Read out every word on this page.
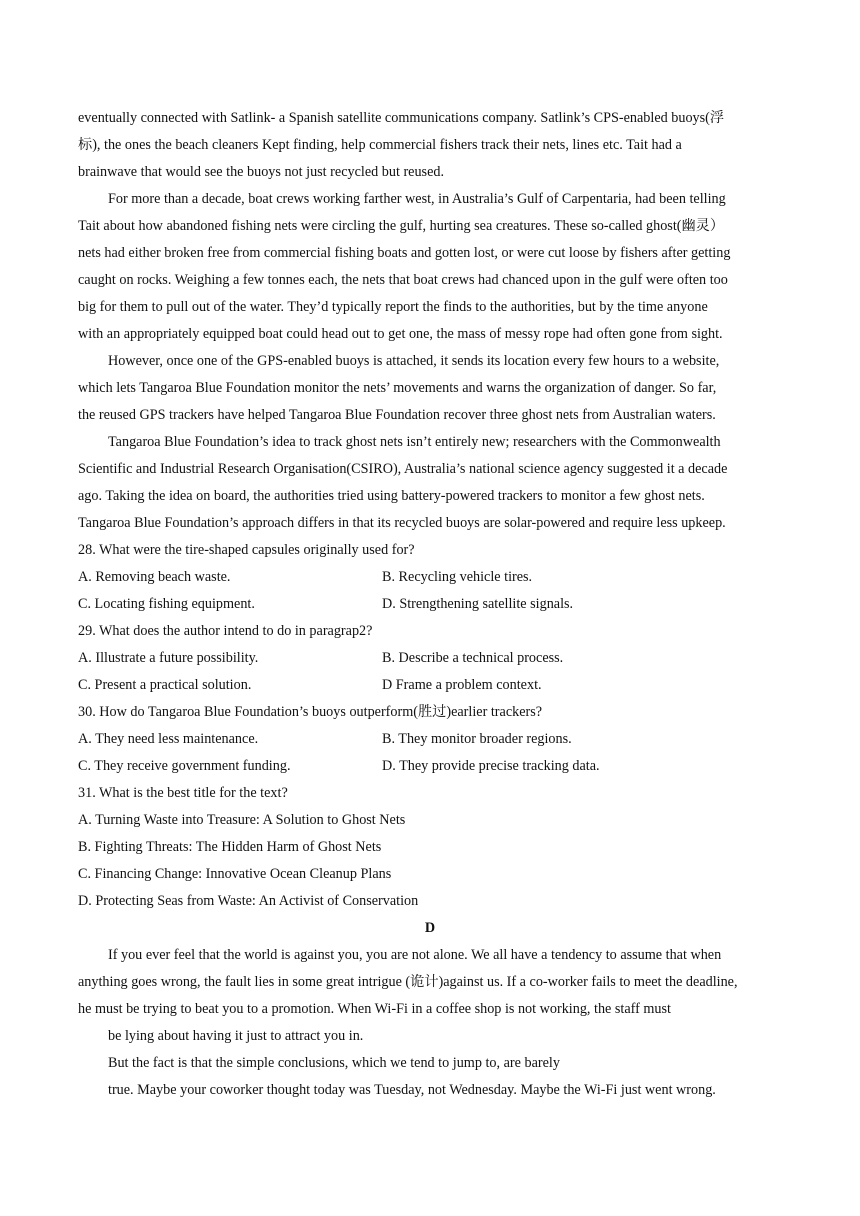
eventually connected with Satlink- a Spanish satellite communications company. Satlink’s CPS-enabled buoys(浮
标), the ones the beach cleaners Kept finding, help commercial fishers track their nets, lines etc. Tait had a
brainwave that would see the buoys not just recycled but reused.
For more than a decade, boat crews working farther west, in Australia’s Gulf of Carpentaria, had been telling
Tait about how abandoned fishing nets were circling the gulf, hurting sea creatures. These so-called ghost(幽灵）
nets had either broken free from commercial fishing boats and gotten lost, or were cut loose by fishers after getting
caught on rocks. Weighing a few tonnes each, the nets that boat crews had chanced upon in the gulf were often too
big for them to pull out of the water. They’d typically report the finds to the authorities, but by the time anyone
with an appropriately equipped boat could head out to get one, the mass of messy rope had often gone from sight.
However, once one of the GPS-enabled buoys is attached, it sends its location every few hours to a website,
which lets Tangaroa Blue Foundation monitor the nets’ movements and warns the organization of danger. So far,
the reused GPS trackers have helped Tangaroa Blue Foundation recover three ghost nets from Australian waters.
Tangaroa Blue Foundation’s idea to track ghost nets isn’t entirely new; researchers with the Commonwealth
Scientific and Industrial Research Organisation(CSIRO), Australia’s national science agency suggested it a decade
ago. Taking the idea on board, the authorities tried using battery-powered trackers to monitor a few ghost nets.
Tangaroa Blue Foundation’s approach differs in that its recycled buoys are solar-powered and require less upkeep.
28. What were the tire-shaped capsules originally used for?
A. Removing beach waste.	B. Recycling vehicle tires.
C. Locating fishing equipment.	D. Strengthening satellite signals.
29. What does the author intend to do in paragrap2?
A. Illustrate a future possibility.	B. Describe a technical process.
C. Present a practical solution.	D Frame a problem context.
30. How do Tangaroa Blue Foundation’s buoys outperform(胜过)earlier trackers?
A. They need less maintenance.	B. They monitor broader regions.
C. They receive government funding.	D. They provide precise tracking data.
31. What is the best title for the text?
A. Turning Waste into Treasure: A Solution to Ghost Nets
B. Fighting Threats: The Hidden Harm of Ghost Nets
C. Financing Change: Innovative Ocean Cleanup Plans
D. Protecting Seas from Waste: An Activist of Conservation
D
If you ever feel that the world is against you, you are not alone. We all have a tendency to assume that when
anything goes wrong, the fault lies in some great intrigue (诡计)against us. If a co-worker fails to meet the deadline,
he must be trying to beat you to a promotion. When Wi-Fi in a coffee shop is not working, the staff must
be lying about having it just to attract you in.
But the fact is that the simple conclusions, which we tend to jump to, are barely
true. Maybe your coworker thought today was Tuesday, not Wednesday. Maybe the Wi-Fi just went wrong.
